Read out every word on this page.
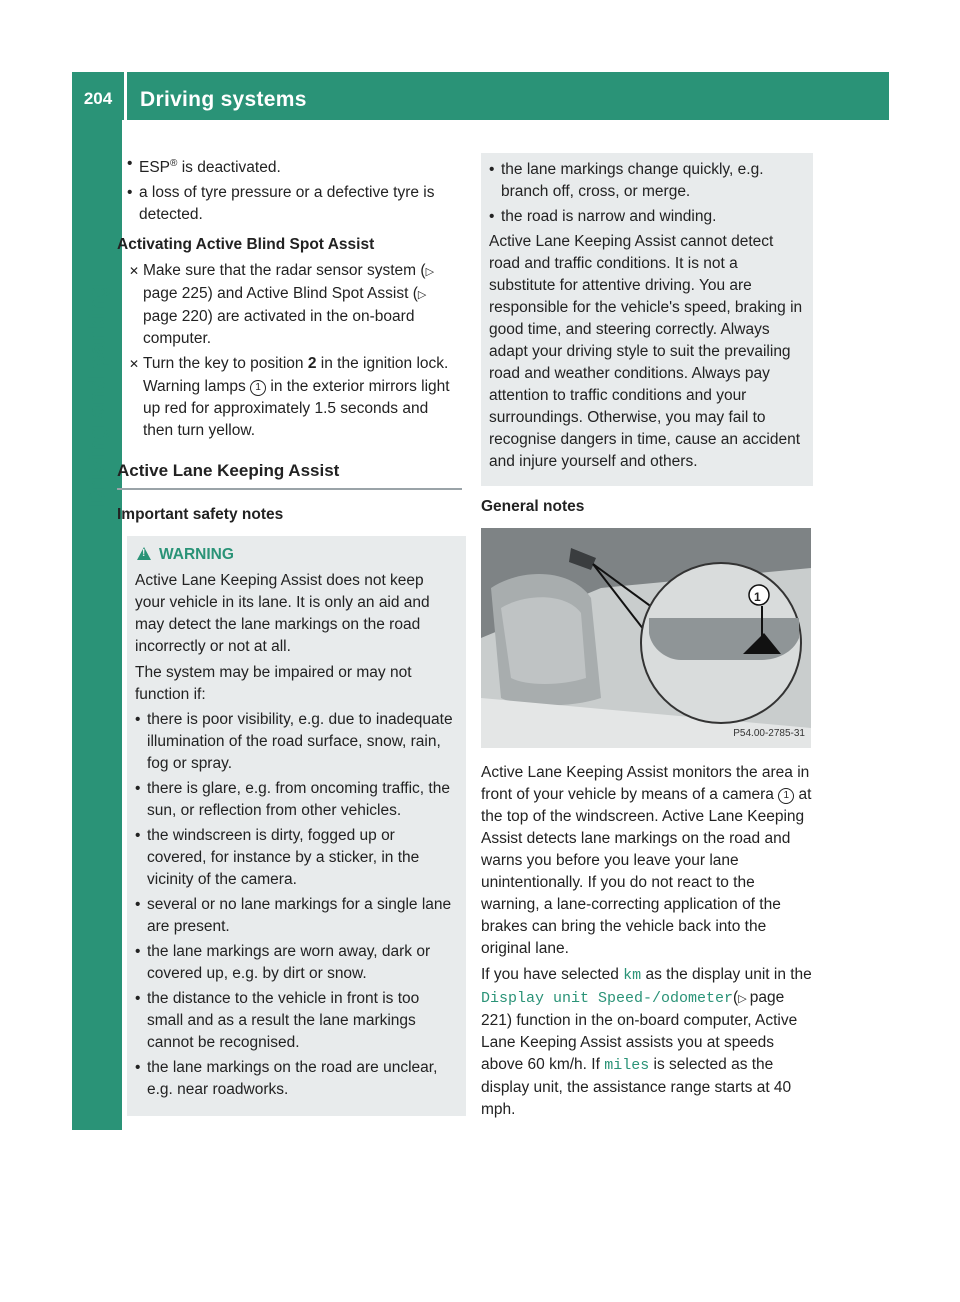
204	Driving systems
Driving and parking
• ESP® is deactivated.
• a loss of tyre pressure or a defective tyre is detected.
Activating Active Blind Spot Assist
✕ Make sure that the radar sensor system (▷ page 225) and Active Blind Spot Assist (▷ page 220) are activated in the on-board computer.
✕ Turn the key to position 2 in the ignition lock.
Warning lamps 1 in the exterior mirrors light up red for approximately 1.5 seconds and then turn yellow.
Active Lane Keeping Assist
Important safety notes
!WARNING
Active Lane Keeping Assist does not keep your vehicle in its lane. It is only an aid and may detect the lane markings on the road incorrectly or not at all.
The system may be impaired or may not function if:
• there is poor visibility, e.g. due to inadequate illumination of the road surface, snow, rain, fog or spray.
• there is glare, e.g. from oncoming traffic, the sun, or reflection from other vehicles.
• the windscreen is dirty, fogged up or covered, for instance by a sticker, in the vicinity of the camera.
• several or no lane markings for a single lane are present.
• the lane markings are worn away, dark or covered up, e.g. by dirt or snow.
• the distance to the vehicle in front is too small and as a result the lane markings cannot be recognised.
• the lane markings on the road are unclear, e.g. near roadworks.
• the lane markings change quickly, e.g. branch off, cross, or merge.
• the road is narrow and winding.
Active Lane Keeping Assist cannot detect road and traffic conditions. It is not a substitute for attentive driving. You are responsible for the vehicle's speed, braking in good time, and steering correctly. Always adapt your driving style to suit the prevailing road and weather conditions. Always pay attention to traffic conditions and your surroundings. Otherwise, you may fail to recognise dangers in time, cause an accident and injure yourself and others.
General notes
1
P54.00-2785-31
Active Lane Keeping Assist monitors the area in front of your vehicle by means of a camera 1 at the top of the windscreen. Active Lane Keeping Assist detects lane markings on the road and warns you before you leave your lane unintentionally. If you do not react to the warning, a lane-correcting application of the brakes can bring the vehicle back into the original lane.
If you have selected km as the display unit in the Display unit Speed-/odometer(▷ page 221) function in the on-board computer, Active Lane Keeping Assist assists you at speeds above 60 km/h. If miles is selected as the display unit, the assistance range starts at 40 mph.
